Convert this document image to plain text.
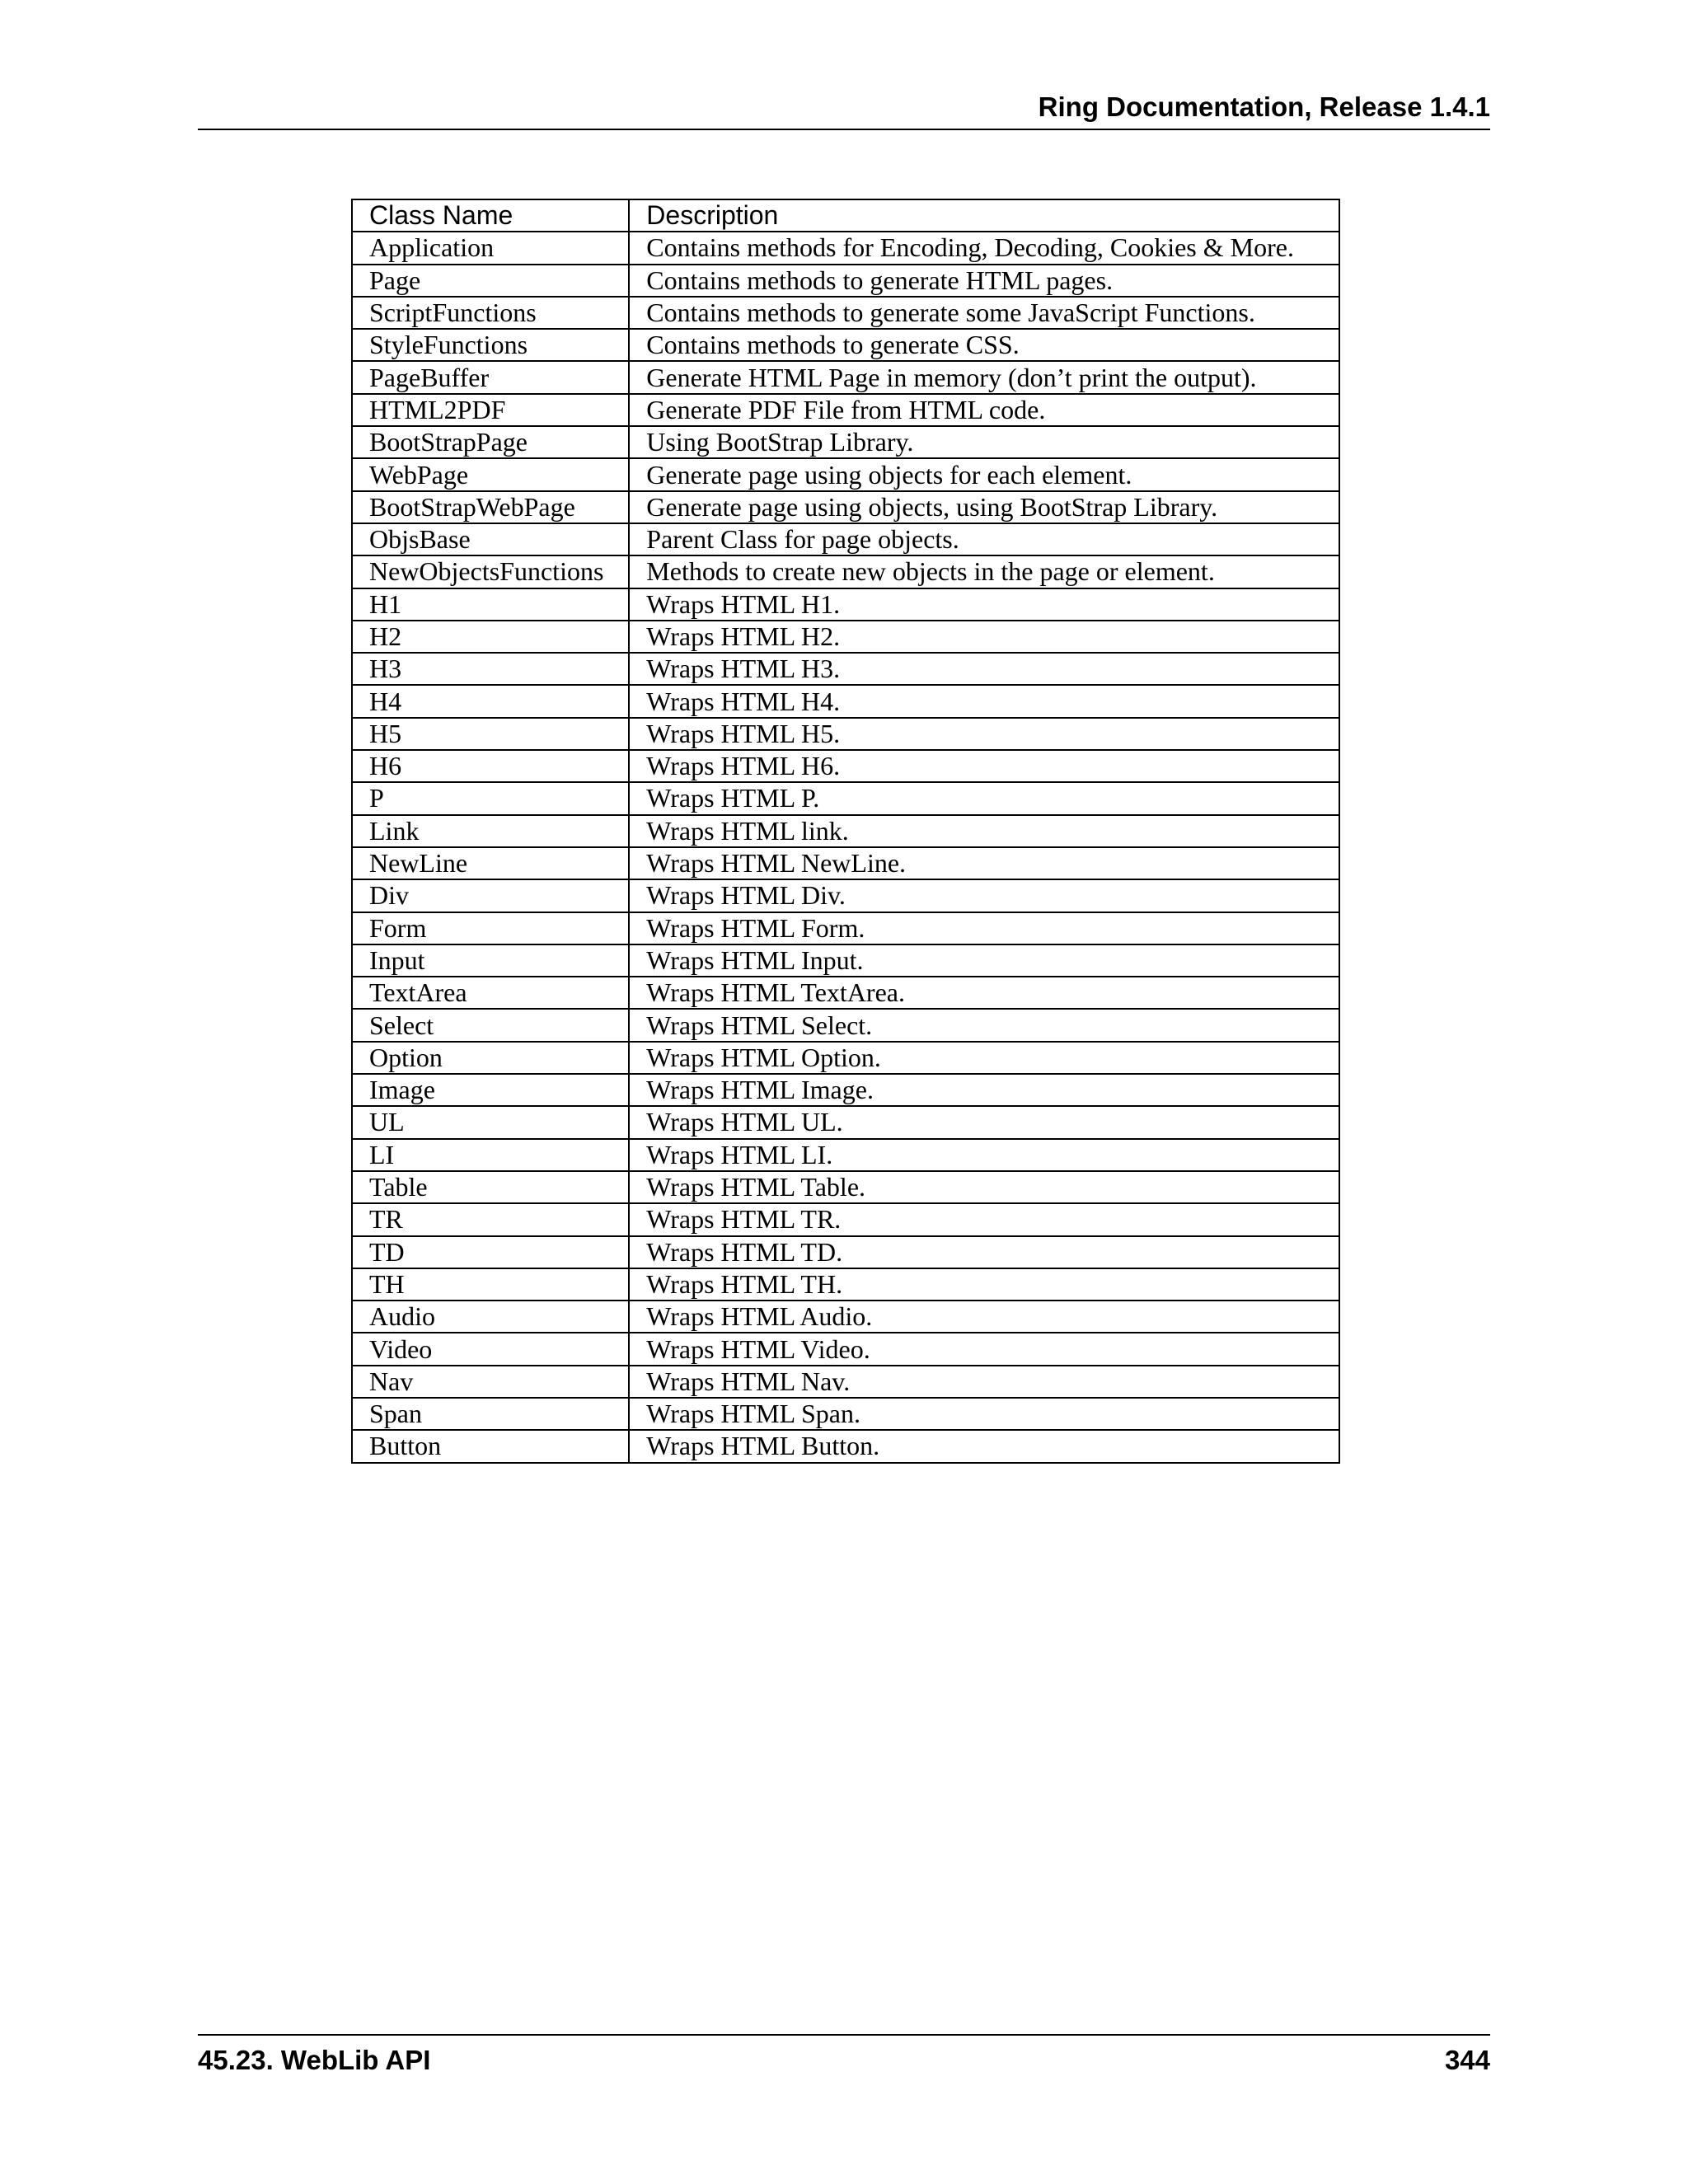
Ring Documentation, Release 1.4.1
Class Name	Description
Application	Contains methods for Encoding, Decoding, Cookies & More.
Page	Contains methods to generate HTML pages.
ScriptFunctions	Contains methods to generate some JavaScript Functions.
StyleFunctions	Contains methods to generate CSS.
PageBuffer	Generate HTML Page in memory (don’t print the output).
HTML2PDF	Generate PDF File from HTML code.
BootStrapPage	Using BootStrap Library.
WebPage	Generate page using objects for each element.
BootStrapWebPage	Generate page using objects, using BootStrap Library.
ObjsBase	Parent Class for page objects.
NewObjectsFunctions	Methods to create new objects in the page or element.
H1	Wraps HTML H1.
H2	Wraps HTML H2.
H3	Wraps HTML H3.
H4	Wraps HTML H4.
H5	Wraps HTML H5.
H6	Wraps HTML H6.
P	Wraps HTML P.
Link	Wraps HTML link.
NewLine	Wraps HTML NewLine.
Div	Wraps HTML Div.
Form	Wraps HTML Form.
Input	Wraps HTML Input.
TextArea	Wraps HTML TextArea.
Select	Wraps HTML Select.
Option	Wraps HTML Option.
Image	Wraps HTML Image.
UL	Wraps HTML UL.
LI	Wraps HTML LI.
Table	Wraps HTML Table.
TR	Wraps HTML TR.
TD	Wraps HTML TD.
TH	Wraps HTML TH.
Audio	Wraps HTML Audio.
Video	Wraps HTML Video.
Nav	Wraps HTML Nav.
Span	Wraps HTML Span.
Button	Wraps HTML Button.
45.23. WebLib API	344
